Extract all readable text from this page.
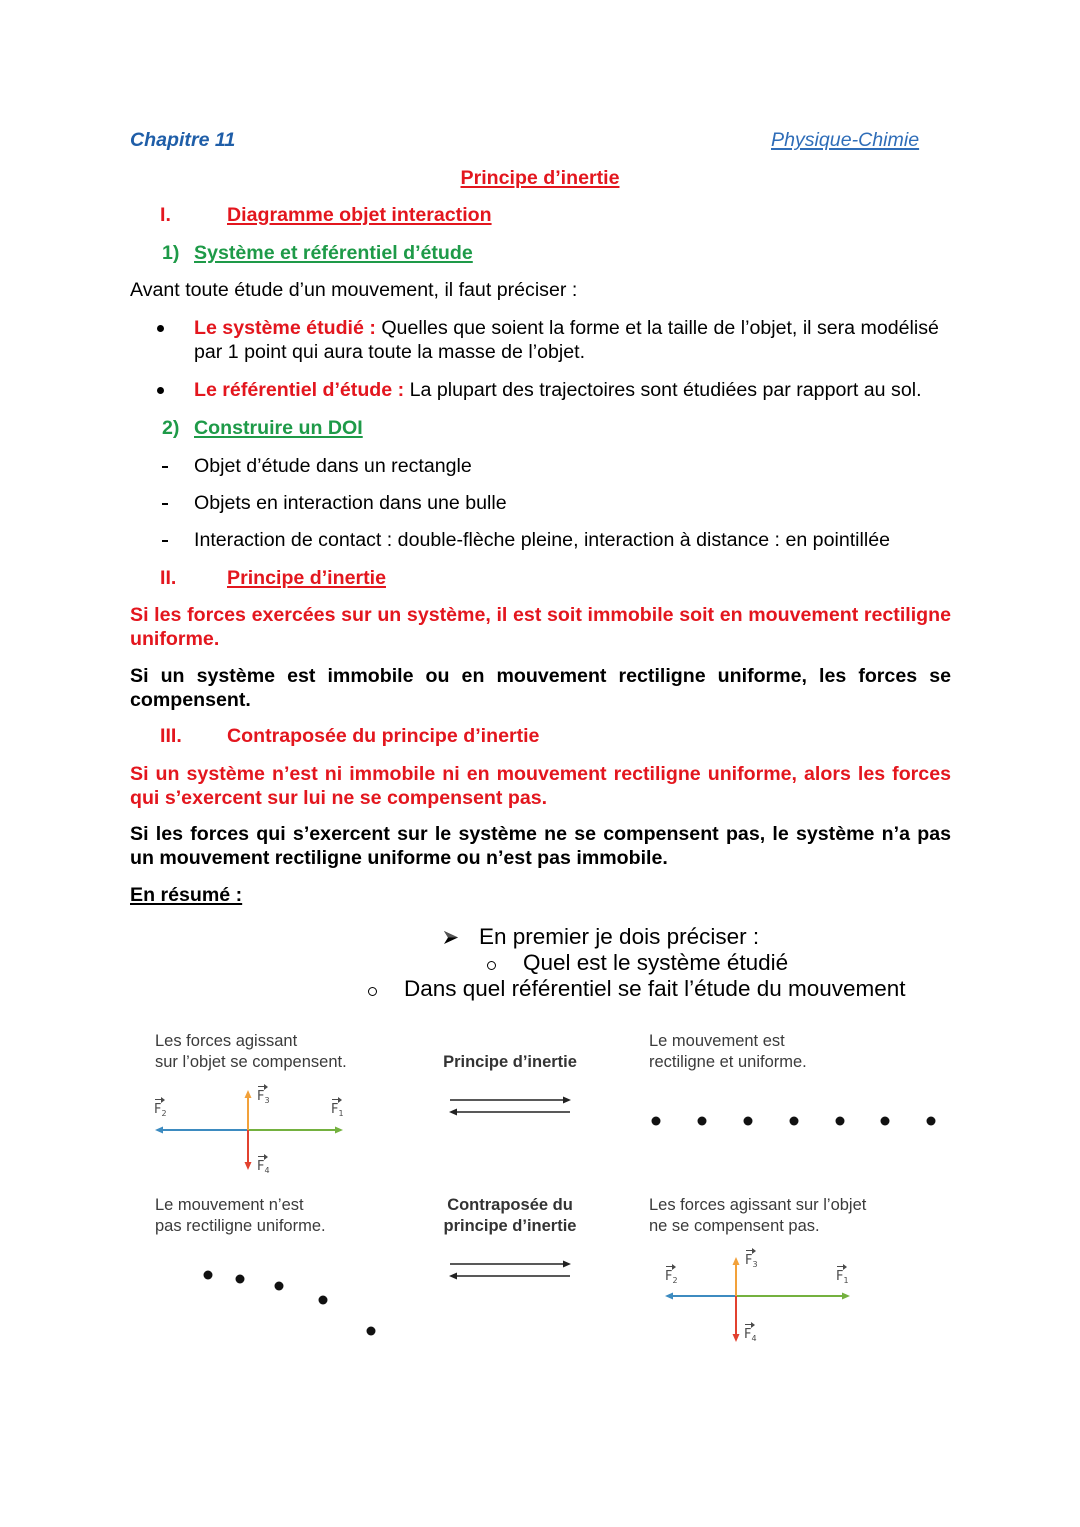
Chapitre 11	Physique-Chimie
Principe d’inertie
I.	Diagramme objet interaction
1) Système et référentiel d’étude
Avant toute étude d’un mouvement, il faut préciser :
Le système étudié : Quelles que soient la forme et la taille de l’objet, il sera modélisé par 1 point qui aura toute la masse de l’objet.
Le référentiel d’étude : La plupart des trajectoires sont étudiées par rapport au sol.
2) Construire un DOI
Objet d’étude dans un rectangle
Objets en interaction dans une bulle
Interaction de contact : double-flèche pleine, interaction à distance : en pointillée
II.	Principe d’inertie
Si les forces exercées sur un système, il est soit immobile soit en mouvement rectiligne uniforme.
Si un système est immobile ou en mouvement rectiligne uniforme, les forces se compensent.
III. Contraposée du principe d’inertie
Si un système n’est ni immobile ni en mouvement rectiligne uniforme, alors les forces qui s’exercent sur lui ne se compensent pas.
Si les forces qui s’exercent sur le système ne se compensent pas, le système n’a pas un mouvement rectiligne uniforme ou n’est pas immobile.
En résumé :
En premier je dois préciser :
Quel est le système étudié
Dans quel référentiel se fait l’étude du mouvement
Les forces agissant
sur l’objet se compensent.	Principe d’inertie
Le mouvement est
rectiligne et uniforme.
$F_2$	$F_1$
$F_3$
$F_4$
Le mouvement n’est
pas rectiligne uniforme.
Contraposée du
principe d’inertie
Les forces agissant sur l’objet
ne se compensent pas.
$F_2$	$F_1$
$F_3$
$F_4$
